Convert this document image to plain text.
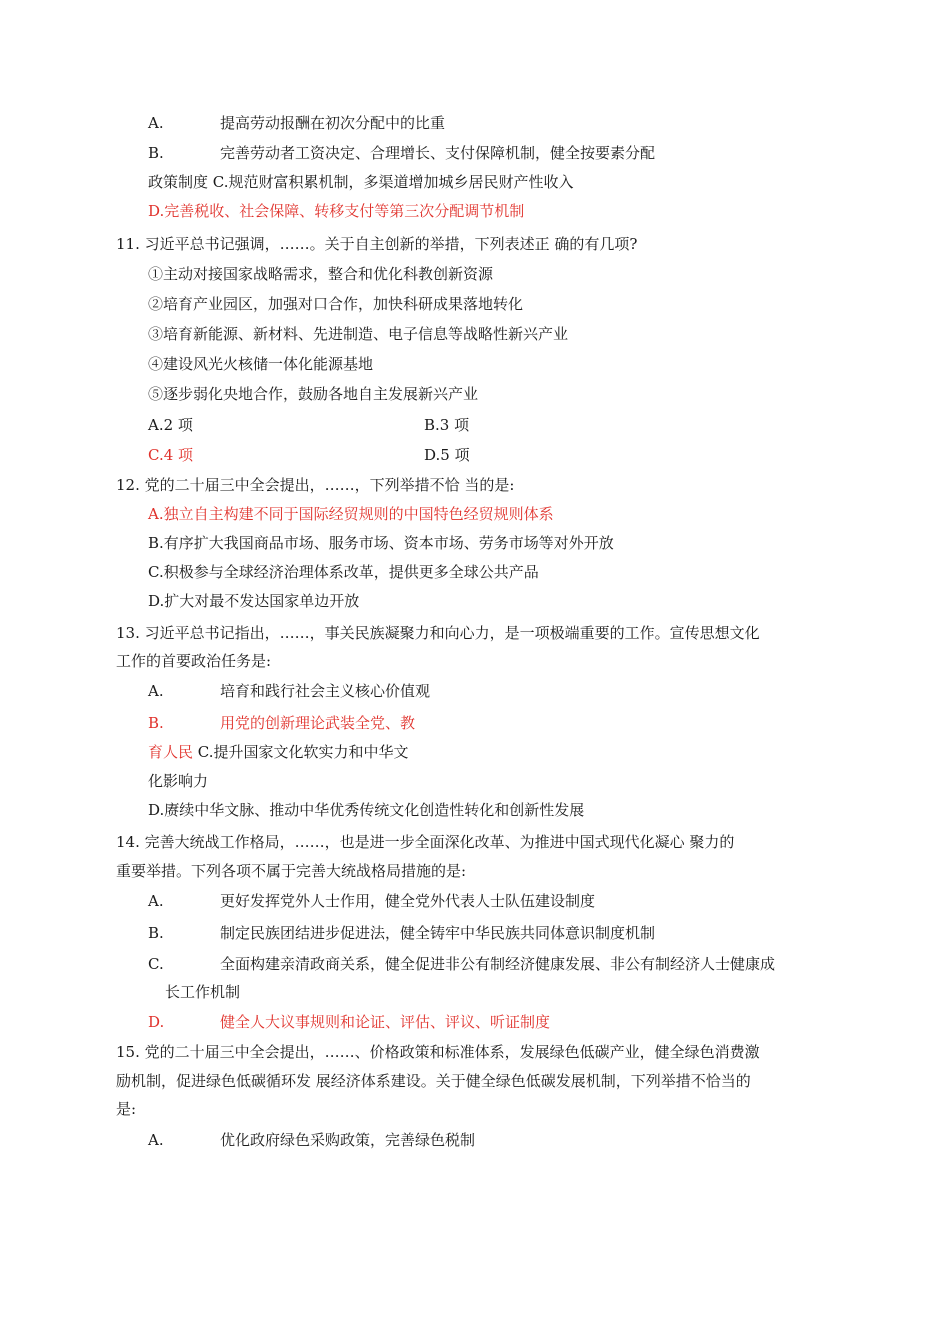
A.	提高劳动报酬在初次分配中的比重
B.	完善劳动者工资决定、合理增长、支付保障机制，健全按要素分配
政策制度 C.规范财富积累机制，多渠道增加城乡居民财产性收入
D.完善税收、社会保障、转移支付等第三次分配调节机制
11. 习近平总书记强调，……。关于自主创新的举措，下列表述正 确的有几项?
①主动对接国家战略需求，整合和优化科教创新资源
②培育产业园区，加强对口合作，加快科研成果落地转化
③培育新能源、新材料、先进制造、电子信息等战略性新兴产业
④建设风光火核储一体化能源基地
⑤逐步弱化央地合作，鼓励各地自主发展新兴产业
A.2 项	B.3 项
C.4 项	D.5 项
12. 党的二十届三中全会提出，……，下列举措不恰 当的是:
A.独立自主构建不同于国际经贸规则的中国特色经贸规则体系
B.有序扩大我国商品市场、服务市场、资本市场、劳务市场等对外开放
C.积极参与全球经济治理体系改革，提供更多全球公共产品
D.扩大对最不发达国家单边开放
13. 习近平总书记指出，……，事关民族凝聚力和向心力，是一项极端重要的工作。宣传思想文化
工作的首要政治任务是:
A.	培育和践行社会主义核心价值观
B.	用党的创新理论武装全党、教
育人民 C.提升国家文化软实力和中华文
化影响力
D.赓续中华文脉、推动中华优秀传统文化创造性转化和创新性发展
14. 完善大统战工作格局，……，也是进一步全面深化改革、为推进中国式现代化凝心 聚力的
重要举措。下列各项不属于完善大统战格局措施的是:
A.	更好发挥党外人士作用，健全党外代表人士队伍建设制度
B.	制定民族团结进步促进法，健全铸牢中华民族共同体意识制度机制
C.	全面构建亲清政商关系，健全促进非公有制经济健康发展、非公有制经济人士健康成
长工作机制
D.	健全人大议事规则和论证、评估、评议、听证制度
15. 党的二十届三中全会提出，……、价格政策和标准体系，发展绿色低碳产业，健全绿色消费激
励机制，促进绿色低碳循环发 展经济体系建设。关于健全绿色低碳发展机制，下列举措不恰当的
是:
A.	优化政府绿色采购政策，完善绿色税制
